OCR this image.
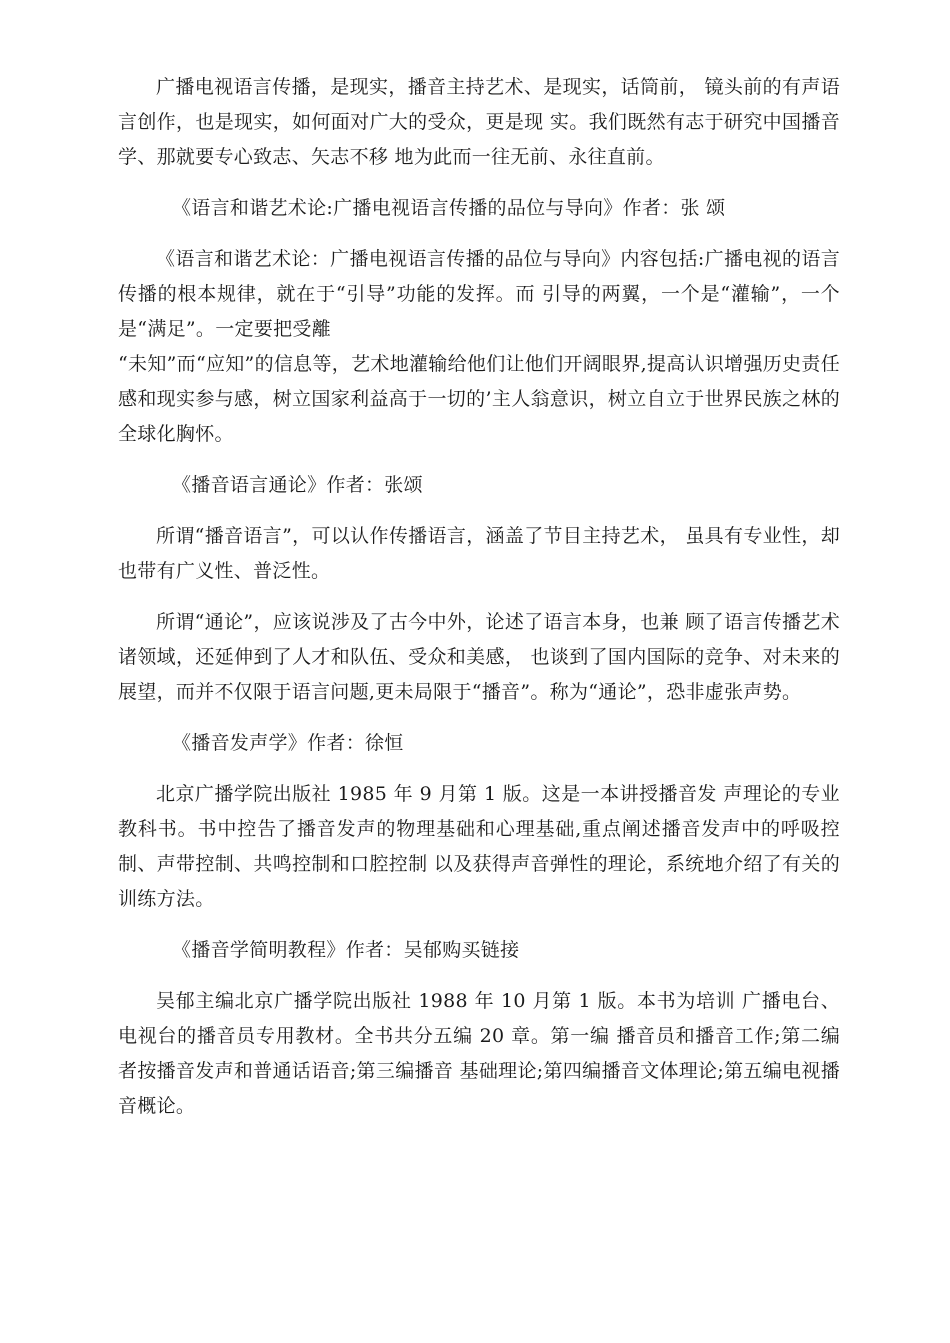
广播电视语言传播，是现实，播音主持艺术、是现实，话筒前， 镜头前的有声语言创作，也是现实，如何面对广大的受众，更是现 实。我们既然有志于研究中国播音学、那就要专心致志、矢志不移 地为此而一往无前、永往直前。

《语言和谐艺术论:广播电视语言传播的品位与导向》作者：张 颂

《语言和谐艺术论：广播电视语言传播的品位与导向》内容包括:广播电视的语言传播的根本规律，就在于“引导”功能的发挥。而 引导的两翼，一个是“灌输”，一个是“满足”。一定要把受離

“未知”而“应知”的信息等，艺术地灌输给他们让他们开阔眼界,提高认识增强历史责任感和现实参与感，树立国家利益高于一切的’主人翁意识，树立自立于世界民族之林的全球化胸怀。

《播音语言通论》作者：张颂

所谓“播音语言”，可以认作传播语言，涵盖了节目主持艺术， 虽具有专业性，却也带有广义性、普泛性。

所谓“通论”，应该说涉及了古今中外，论述了语言本身，也兼 顾了语言传播艺术诸领域，还延伸到了人才和队伍、受众和美感， 也谈到了国内国际的竞争、对未来的展望，而并不仅限于语言问题,更未局限于“播音”。称为“通论”，恐非虚张声势。

《播音发声学》作者：徐恒

北京广播学院出版社 1985 年 9 月第 1 版。这是一本讲授播音发 声理论的专业教科书。书中控告了播音发声的物理基础和心理基础,重点阐述播音发声中的呼吸控制、声带控制、共鸣控制和口腔控制 以及获得声音弹性的理论，系统地介绍了有关的训练方法。

《播音学简明教程》作者：吴郁购买链接

吴郁主编北京广播学院出版社 1988 年 10 月第 1 版。本书为培训 广播电台、电视台的播音员专用教材。全书共分五编 20 章。第一编 播音员和播音工作;第二编者按播音发声和普通话语音;第三编播音 基础理论;第四编播音文体理论;第五编电视播音概论。
